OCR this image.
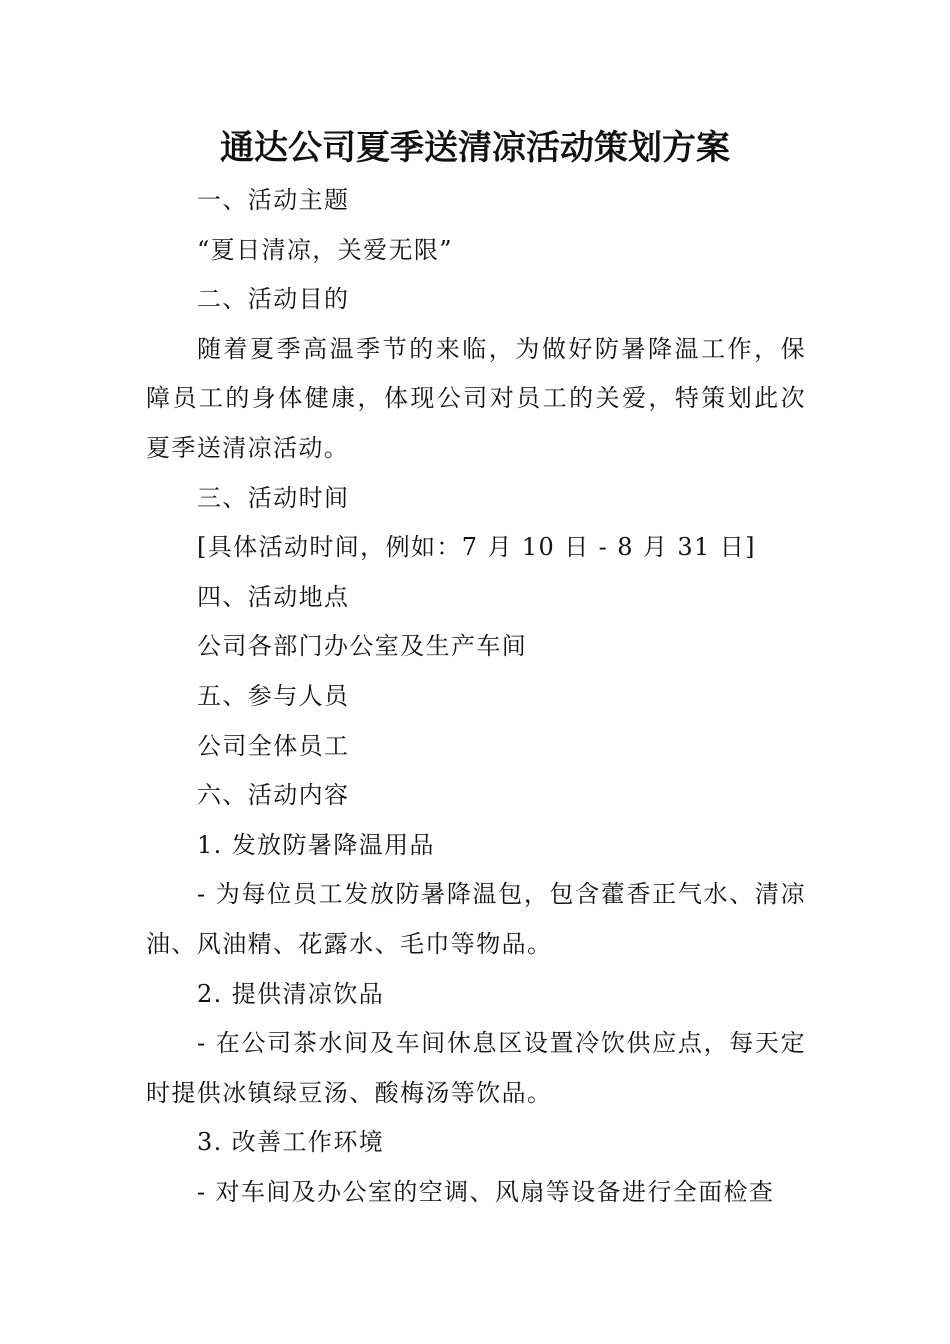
通达公司夏季送清凉活动策划方案

一、活动主题

“夏日清凉，关爱无限”

二、活动目的

随着夏季高温季节的来临，为做好防暑降温工作，保障员工的身体健康，体现公司对员工的关爱，特策划此次夏季送清凉活动。

三、活动时间

[具体活动时间，例如：7 月 10 日 - 8 月 31 日]

四、活动地点

公司各部门办公室及生产车间

五、参与人员

公司全体员工

六、活动内容

1. 发放防暑降温用品

- 为每位员工发放防暑降温包，包含藿香正气水、清凉油、风油精、花露水、毛巾等物品。

2. 提供清凉饮品

- 在公司茶水间及车间休息区设置冷饮供应点，每天定时提供冰镇绿豆汤、酸梅汤等饮品。

3. 改善工作环境

- 对车间及办公室的空调、风扇等设备进行全面检查
